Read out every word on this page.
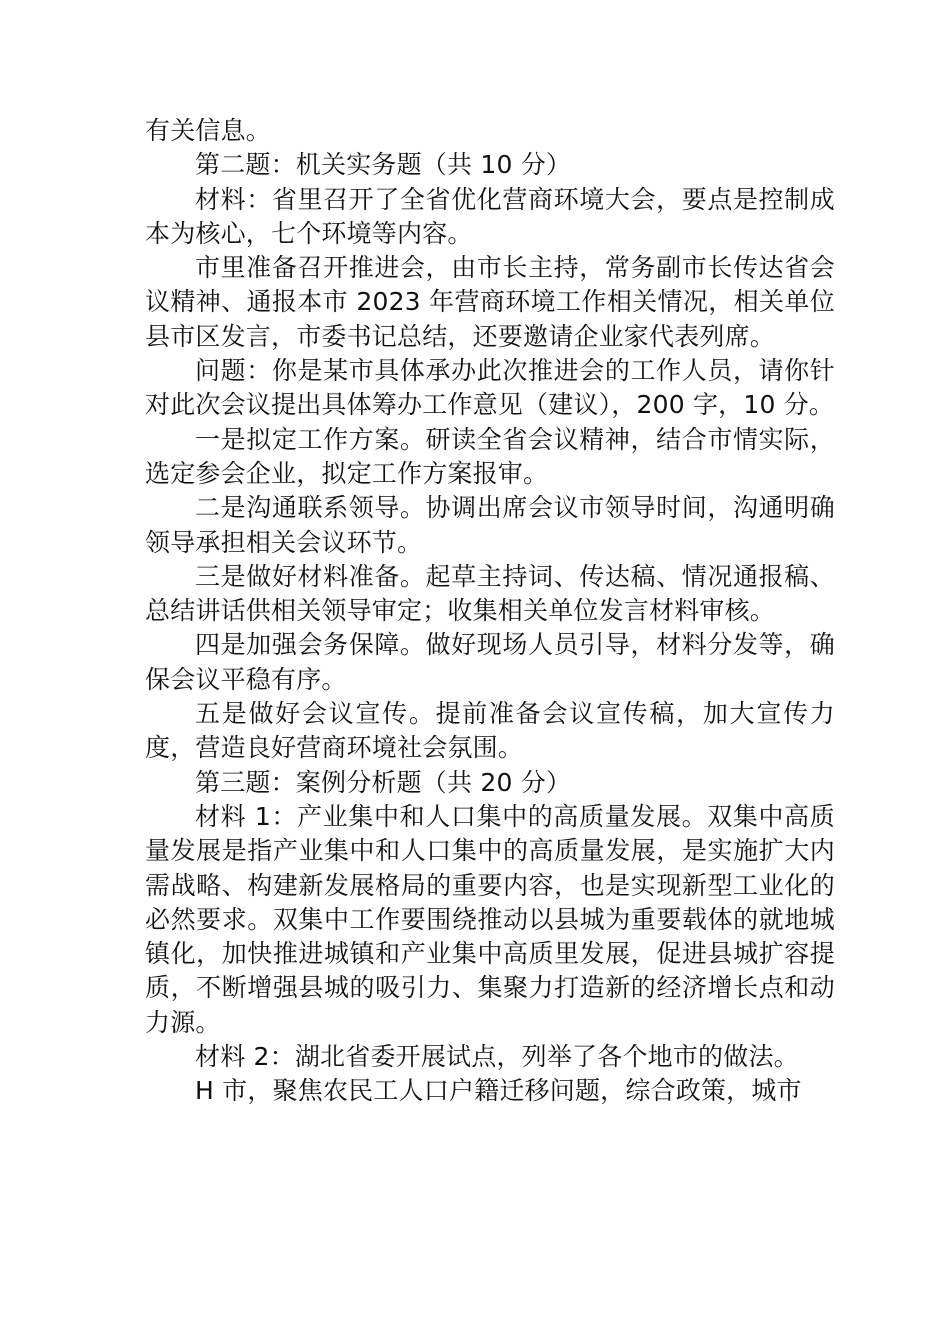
有关信息。

第二题：机关实务题（共 10 分）

材料：省里召开了全省优化营商环境大会，要点是控制成本为核心，七个环境等内容。

市里准备召开推进会，由市长主持，常务副市长传达省会议精神、通报本市 2023 年营商环境工作相关情况，相关单位县市区发言，市委书记总结，还要邀请企业家代表列席。

问题：你是某市具体承办此次推进会的工作人员，请你针对此次会议提出具体筹办工作意见（建议），200 字，10 分。

一是拟定工作方案。研读全省会议精神，结合市情实际，选定参会企业，拟定工作方案报审。

二是沟通联系领导。协调出席会议市领导时间，沟通明确领导承担相关会议环节。

三是做好材料准备。起草主持词、传达稿、情况通报稿、总结讲话供相关领导审定；收集相关单位发言材料审核。

四是加强会务保障。做好现场人员引导，材料分发等，确保会议平稳有序。

五是做好会议宣传。提前准备会议宣传稿，加大宣传力度，营造良好营商环境社会氛围。

第三题：案例分析题（共 20 分）

材料 1：产业集中和人口集中的高质量发展。双集中高质量发展是指产业集中和人口集中的高质量发展，是实施扩大内需战略、构建新发展格局的重要内容，也是实现新型工业化的必然要求。双集中工作要围绕推动以县城为重要载体的就地城镇化，加快推进城镇和产业集中高质里发展，促进县城扩容提质，不断增强县城的吸引力、集聚力打造新的经济增长点和动力源。

材料 2：湖北省委开展试点，列举了各个地市的做法。

H 市，聚焦农民工人口户籍迁移问题，综合政策，城市
